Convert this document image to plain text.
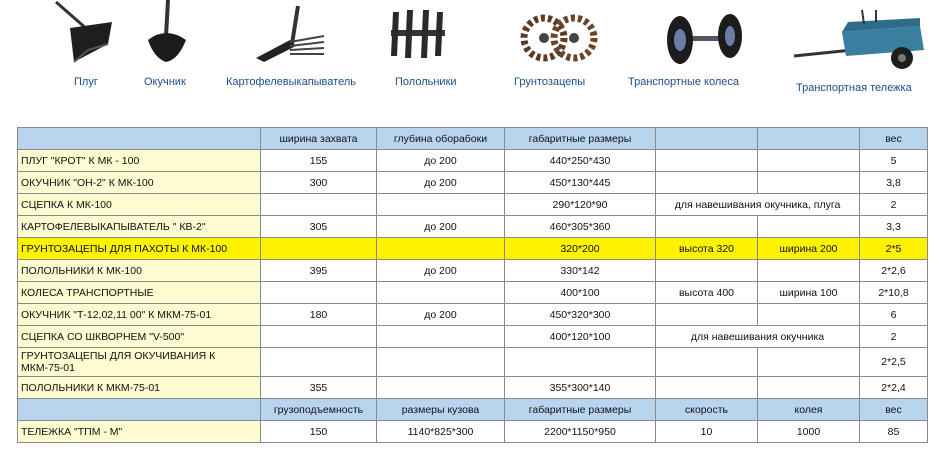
Плуг	Окучник	Картофелевыкапыватель	Полольники	Грунтозацепы	Транспортные колеса	Транспортная тележка
	ширина захвата	глубина оборабоки	габаритные размеры			вес
ПЛУГ "КРОТ" К МК - 100	155	до 200	440*250*430			5
ОКУЧНИК "ОН-2" К МК-100	300	до 200	450*130*445			3,8
СЦЕПКА К МК-100			290*120*90	для навешивания окучника, плуга		2
КАРТОФЕЛЕВЫКАПЫВАТЕЛЬ " КВ-2"	305	до 200	460*305*360			3,3
ГРУНТОЗАЦЕПЫ ДЛЯ ПАХОТЫ К МК-100			320*200	высота 320	ширина 200	2*5
ПОЛОЛЬНИКИ К МК-100	395	до 200	330*142			2*2,6
КОЛЕСА ТРАНСПОРТНЫЕ			400*100	высота 400	ширина 100	2*10,8
ОКУЧНИК "Т-12,02,11 00" К МКМ-75-01	180	до 200	450*320*300			6
СЦЕПКА СО ШКВОРНЕМ "V-500"			400*120*100	для навешивания окучника		2
ГРУНТОЗАЦЕПЫ ДЛЯ ОКУЧИВАНИЯ К МКМ-75-01						2*2,5
ПОЛОЛЬНИКИ К МКМ-75-01	355		355*300*140			2*2,4
	грузоподъемность	размеры кузова	габаритные размеры	скорость	колея	вес
ТЕЛЕЖКА "ТПМ - М"	150	1140*825*300	2200*1150*950	10	1000	85
